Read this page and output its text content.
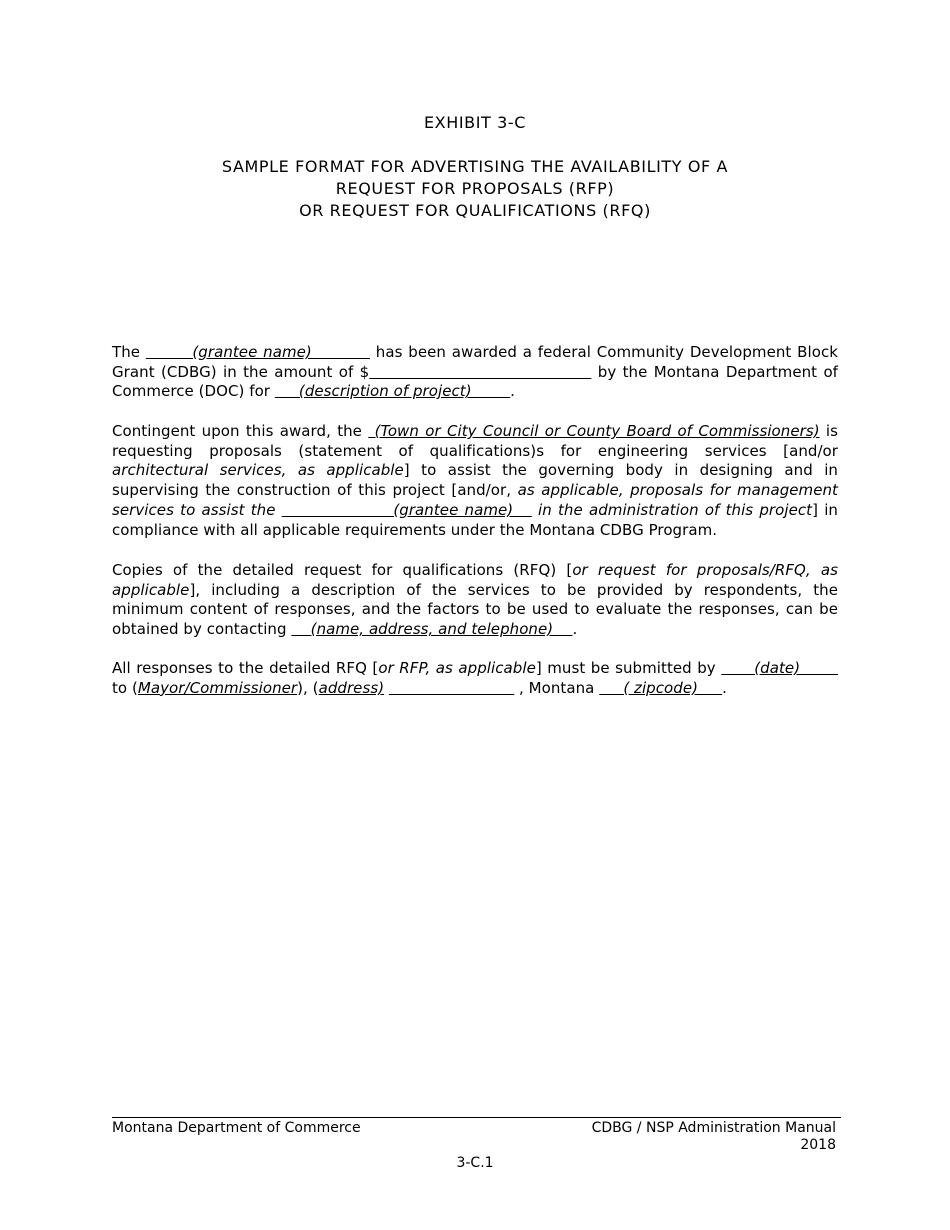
EXHIBIT 3-C
SAMPLE FORMAT FOR ADVERTISING THE AVAILABILITY OF A
REQUEST FOR PROPOSALS (RFP)
OR REQUEST FOR QUALIFICATIONS (RFQ)
The         (grantee name)           has been awarded a federal Community Development Block Grant (CDBG) in the amount of $	by the Montana Department of Commerce (DOC) for      (description of project)        .
Contingent upon this award, the  (Town or City Council or County Board of Commissioners) is requesting proposals (statement of qualifications)s for engineering services [and/or architectural services, as applicable] to assist the governing body in designing and in supervising the construction of this project [and/or, as applicable, proposals for management services to assist the                   (grantee name)    in the administration of this project] in compliance with all applicable requirements under the Montana CDBG Program.
Copies of the detailed request for qualifications (RFQ) [or request for proposals/RFQ, as applicable], including a description of the services to be provided by respondents, the minimum content of responses, and the factors to be used to evaluate the responses, can be obtained by contacting     (name, address, and telephone)    .
All responses to the detailed RFQ [or RFP, as applicable] must be submitted by       (date)        to (Mayor/Commissioner), (address)	, Montana      ( zipcode)     .
Montana Department of Commerce	CDBG / NSP Administration Manual
2018
3-C.1
